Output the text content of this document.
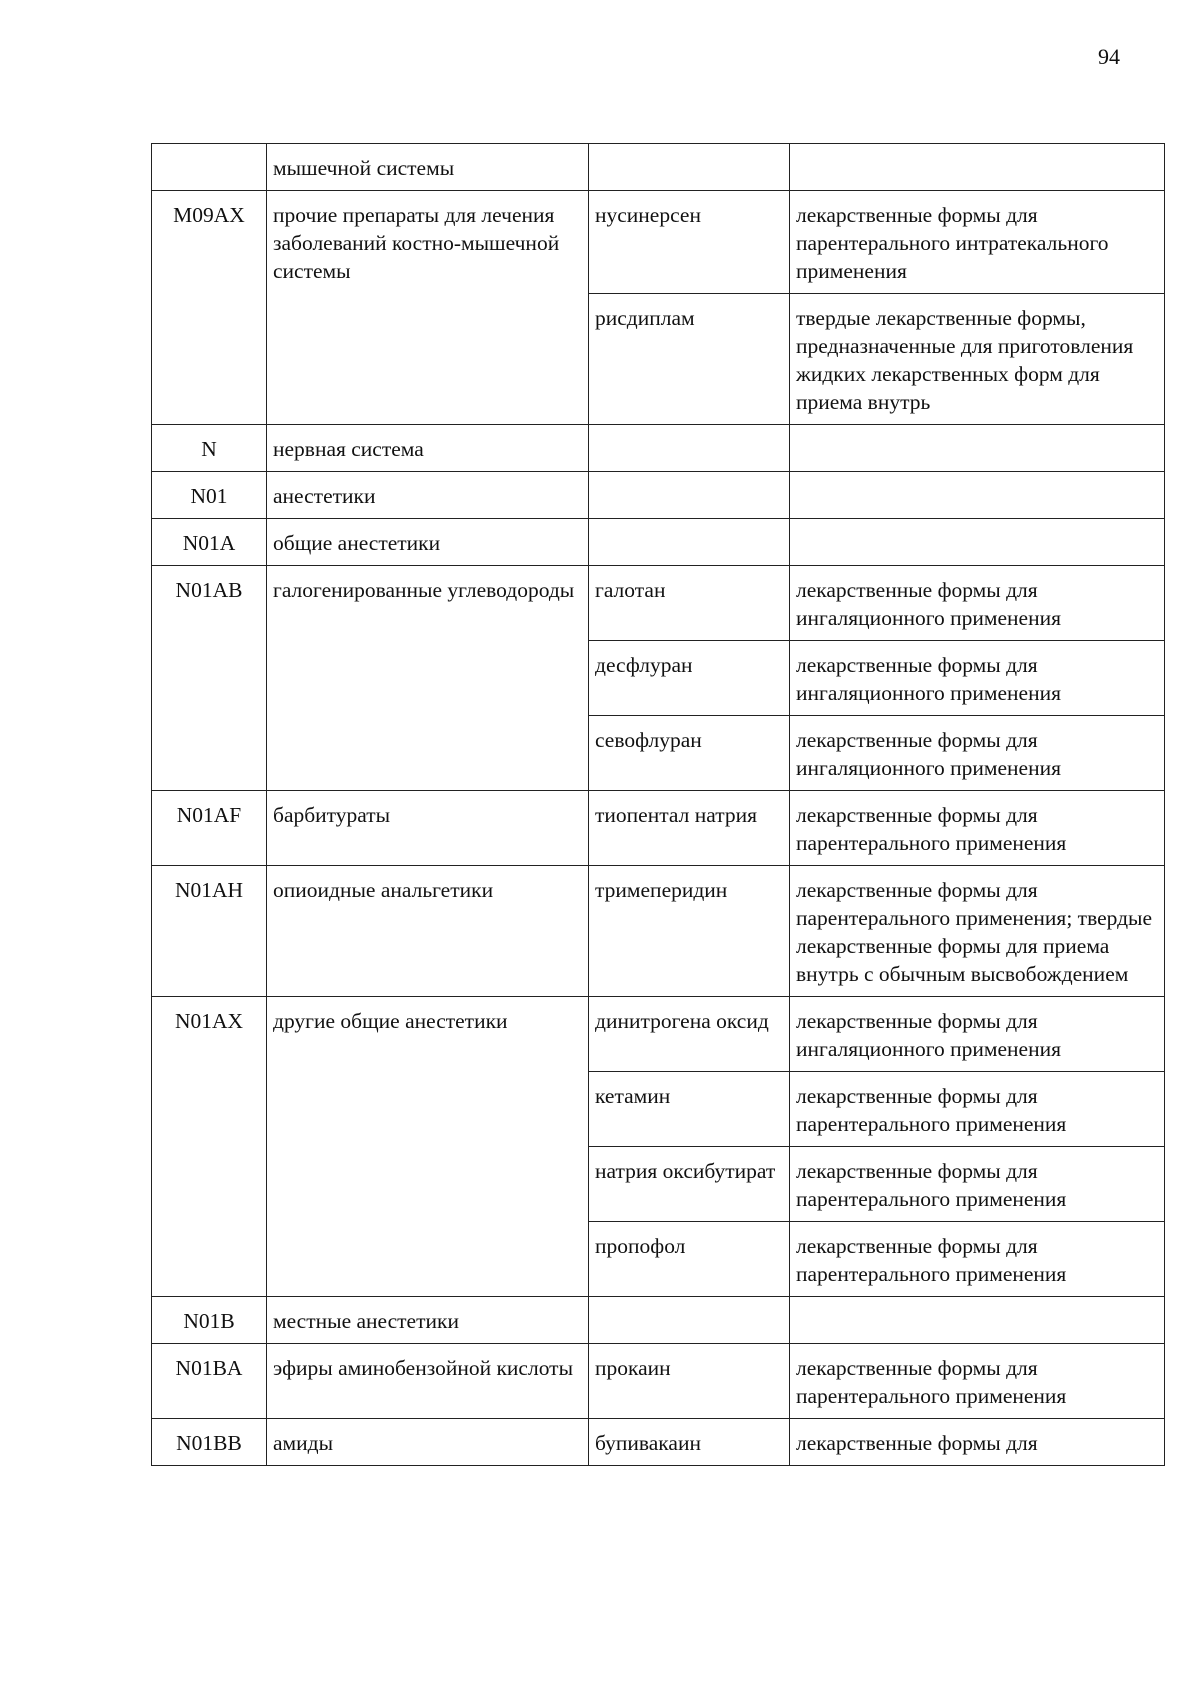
94
	мышечной системы		
M09AX	прочие препараты для лечения заболеваний костно-мышечной системы	нусинерсен	лекарственные формы для парентерального интратекального применения
		рисдиплам	твердые лекарственные формы, предназначенные для приготовления жидких лекарственных форм для приема внутрь
N	нервная система		
N01	анестетики		
N01A	общие анестетики		
N01AB	галогенированные углеводороды	галотан	лекарственные формы для ингаляционного применения
		десфлуран	лекарственные формы для ингаляционного применения
		севофлуран	лекарственные формы для ингаляционного применения
N01AF	барбитураты	тиопентал натрия	лекарственные формы для парентерального применения
N01AH	опиоидные анальгетики	тримеперидин	лекарственные формы для парентерального применения; твердые лекарственные формы для приема внутрь с обычным высвобождением
N01AX	другие общие анестетики	динитрогена оксид	лекарственные формы для ингаляционного применения
		кетамин	лекарственные формы для парентерального применения
		натрия оксибутират	лекарственные формы для парентерального применения
		пропофол	лекарственные формы для парентерального применения
N01B	местные анестетики		
N01BA	эфиры аминобензойной кислоты	прокаин	лекарственные формы для парентерального применения
N01BB	амиды	бупивакаин	лекарственные формы для
